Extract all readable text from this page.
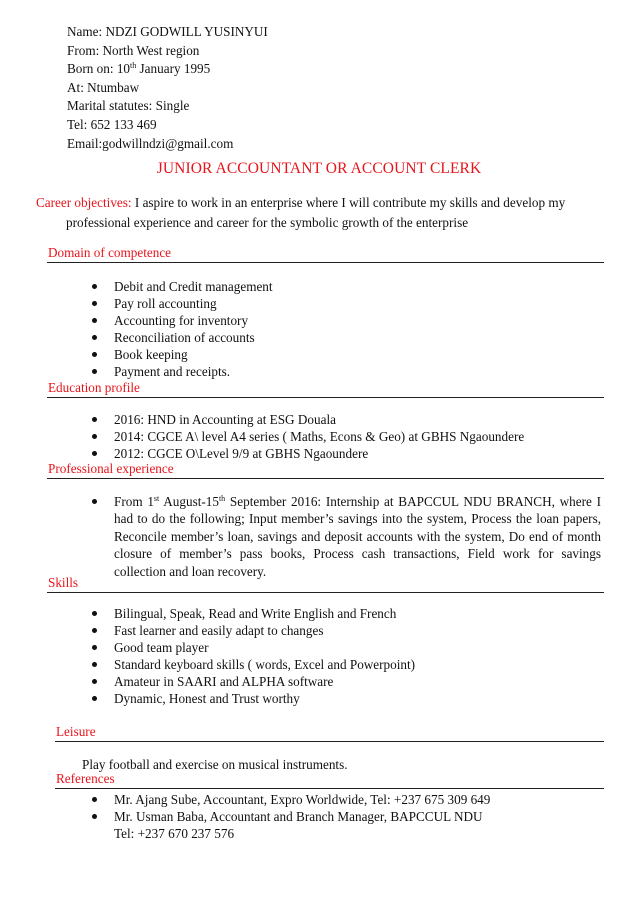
Name: NDZI GODWILL YUSINYUI
From: North West region
Born on: 10th January 1995
At: Ntumbaw
Marital statutes: Single
Tel: 652 133 469
Email:godwillndzi@gmail.com
JUNIOR ACCOUNTANT OR ACCOUNT CLERK
Career objectives: I aspire to work in an enterprise where I will contribute my skills and develop my
professional experience and career for the symbolic growth of the enterprise
Domain of competence
Debit and Credit management
Pay roll accounting
Accounting for inventory
Reconciliation of accounts
Book keeping
Payment and receipts.
Education profile
2016: HND in Accounting at ESG Douala
2014: CGCE A\ level A4 series ( Maths, Econs & Geo) at GBHS Ngaoundere
2012: CGCE O\Level 9/9 at GBHS Ngaoundere
Professional experience
From 1st August-15th September 2016: Internship at BAPCCUL NDU BRANCH, where I had to do the following; Input member’s savings into the system, Process the loan papers, Reconcile member’s loan, savings and deposit accounts with the system, Do end of month closure of member’s pass books, Process cash transactions, Field work for savings collection and loan recovery.
Skills
Bilingual, Speak, Read and Write English and French
Fast learner and easily adapt to changes
Good team player
Standard keyboard skills ( words, Excel and Powerpoint)
Amateur in SAARI and ALPHA software
Dynamic, Honest and Trust worthy
Leisure
Play football and exercise on musical instruments.
References
Mr. Ajang Sube, Accountant, Expro Worldwide, Tel: +237 675 309 649
Mr. Usman Baba, Accountant and Branch Manager, BAPCCUL NDU
Tel: +237 670 237 576
